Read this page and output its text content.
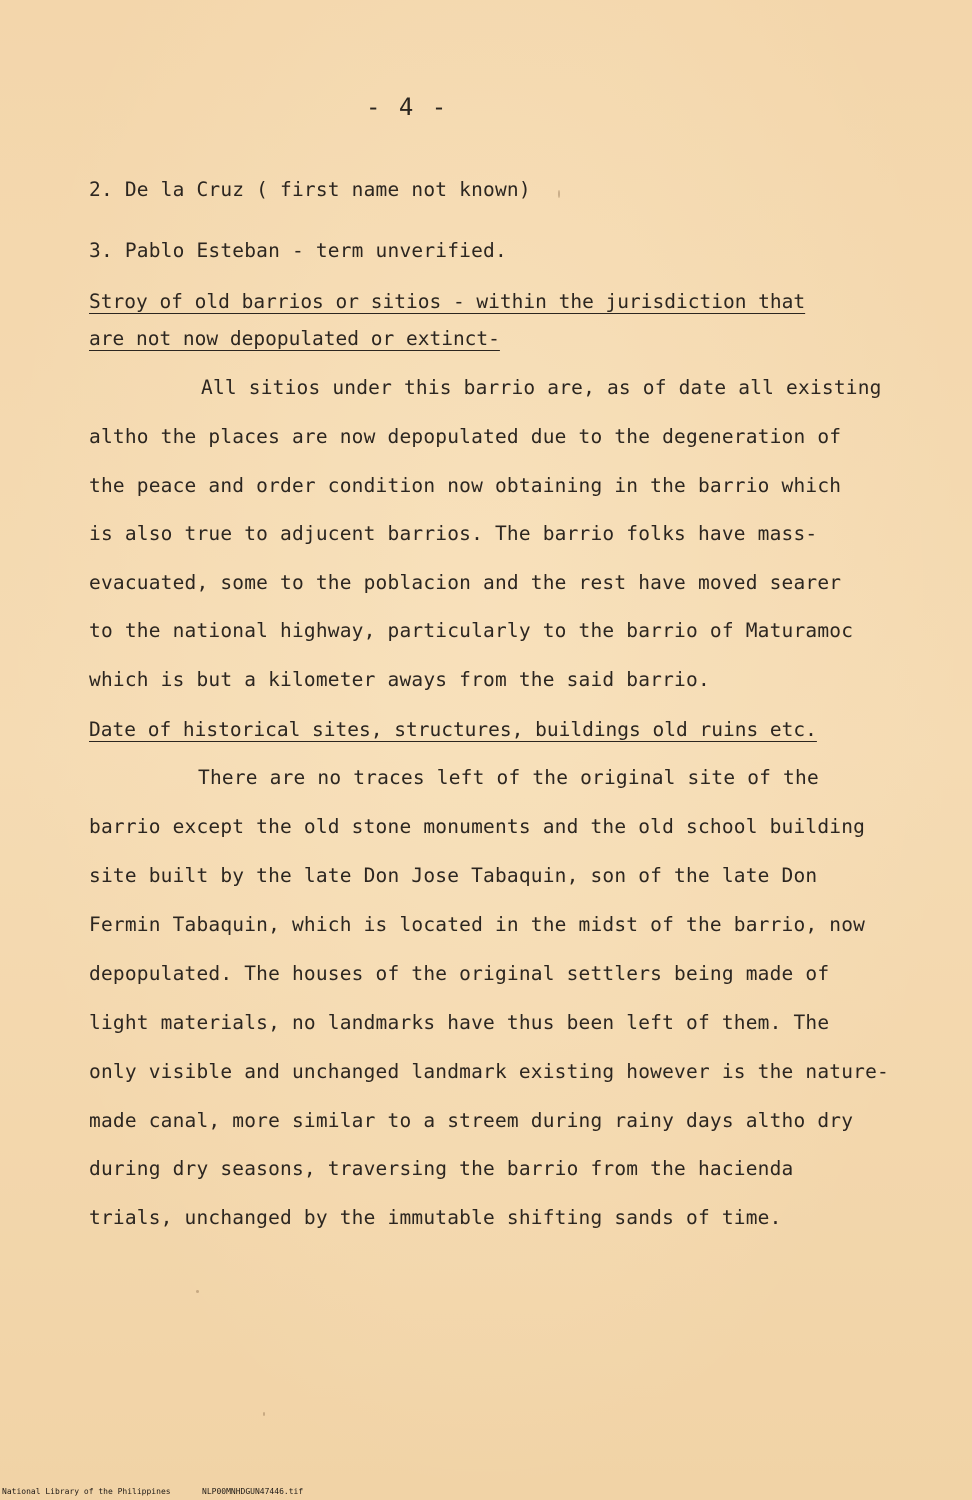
- 4 -
2. De la Cruz ( first name not known)
3. Pablo Esteban - term unverified.
Stroy of old barrios or sitios - within the jurisdiction that
are not now depopulated or extinct-
All sitios under this barrio are, as of date all existing
altho the places are now depopulated due to the degeneration of
the peace and order condition now obtaining in the barrio which
is also true to adjucent barrios. The barrio folks have mass-
evacuated, some to the poblacion and the rest have moved searer
to the national highway, particularly to the barrio of Maturamoc
which is but a kilometer aways from the said barrio.
Date of historical sites, structures, buildings old ruins etc.
There are no traces left of the original site of the
barrio except the old stone monuments and the old school building
site built by the late Don Jose Tabaquin, son of the late Don
Fermin Tabaquin, which is located in the midst of the barrio, now
depopulated. The houses of the original settlers being made of
light materials, no landmarks have thus been left of them. The
only visible and unchanged landmark existing however is the nature-
made canal, more similar to a streem during rainy days altho dry
during dry seasons, traversing the barrio from the hacienda
trials, unchanged by the immutable shifting sands of time.
National Library of the Philippines	NLP00MNHDGUN47446.tif
